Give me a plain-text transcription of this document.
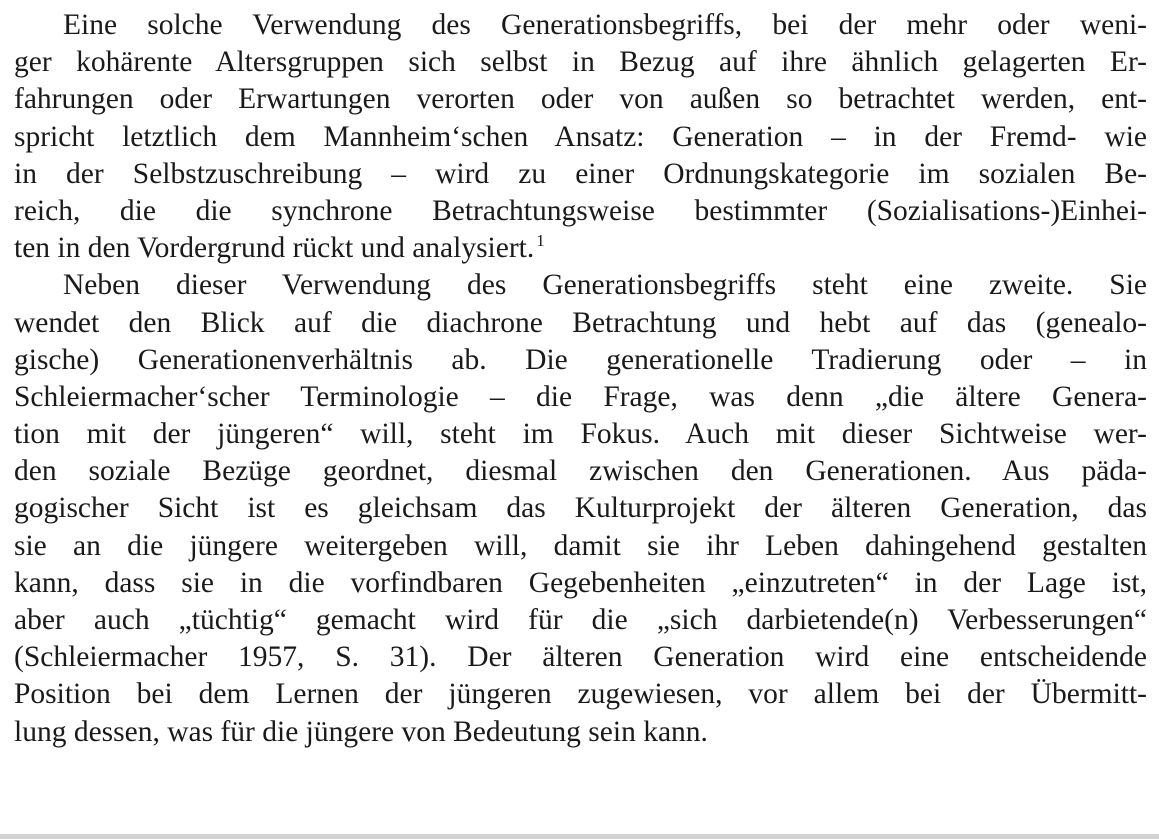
Eine solche Verwendung des Generationsbegriffs, bei der mehr oder weni-
ger kohärente Altersgruppen sich selbst in Bezug auf ihre ähnlich gelagerten Er-
fahrungen oder Erwartungen verorten oder von außen so betrachtet werden, ent-
spricht letztlich dem Mannheim‘schen Ansatz: Generation – in der Fremd- wie
in der Selbstzuschreibung – wird zu einer Ordnungskategorie im sozialen Be-
reich, die die synchrone Betrachtungsweise bestimmter (Sozialisations-)Einhei-
ten in den Vordergrund rückt und analysiert. $^1$
Neben dieser Verwendung des Generationsbegriffs steht eine zweite. Sie
wendet den Blick auf die diachrone Betrachtung und hebt auf das (genealo-
gische) Generationenverhältnis ab. Die generationelle Tradierung oder – in
Schleiermacher‘scher Terminologie – die Frage, was denn „die ältere Genera-
tion mit der jüngeren“ will, steht im Fokus. Auch mit dieser Sichtweise wer-
den soziale Bezüge geordnet, diesmal zwischen den Generationen. Aus päda-
gogischer Sicht ist es gleichsam das Kulturprojekt der älteren Generation, das
sie an die jüngere weitergeben will, damit sie ihr Leben dahingehend gestalten
kann, dass sie in die vorfindbaren Gegebenheiten „einzutreten“ in der Lage ist,
aber auch „tüchtig“ gemacht wird für die „sich darbietende(n) Verbesserungen“
(Schleiermacher 1957, S. 31). Der älteren Generation wird eine entscheidende
Position bei dem Lernen der jüngeren zugewiesen, vor allem bei der Übermitt-
lung dessen, was für die jüngere von Bedeutung sein kann.
